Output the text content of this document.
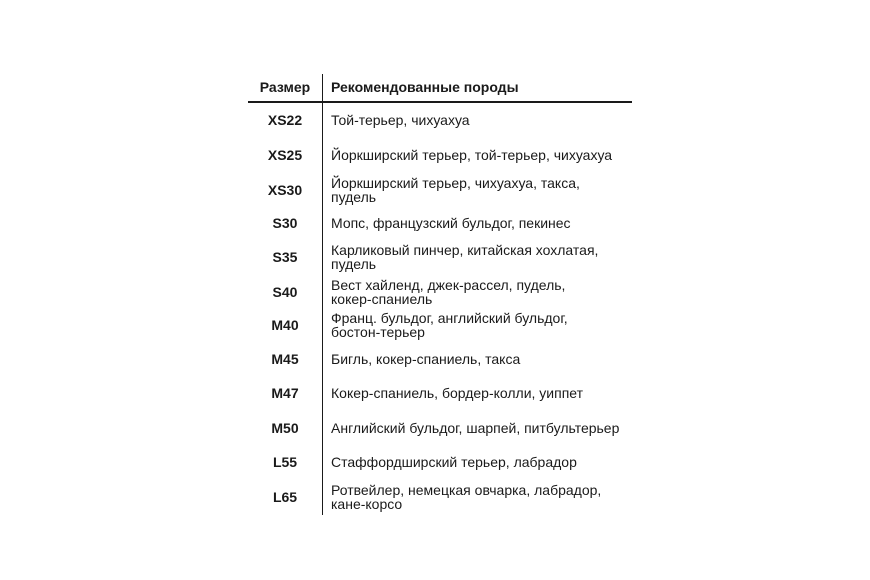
Размер	Рекомендованные породы
XS22	Той-терьер, чихуахуа
XS25	Йоркширский терьер, той-терьер, чихуахуа
XS30	Йоркширский терьер, чихуахуа, такса,
пудель
S30	Мопс, французский бульдог, пекинес
S35	Карликовый пинчер, китайская хохлатая,
пудель
S40	Вест хайленд, джек-рассел, пудель,
кокер-спаниель
M40	Франц. бульдог, английский бульдог,
бостон-терьер
M45	Бигль, кокер-спаниель, такса
M47	Кокер-спаниель, бордер-колли, уиппет
M50	Английский бульдог, шарпей, питбультерьер
L55	Стаффордширский терьер, лабрадор
L65	Ротвейлер, немецкая овчарка, лабрадор,
кане-корсо
